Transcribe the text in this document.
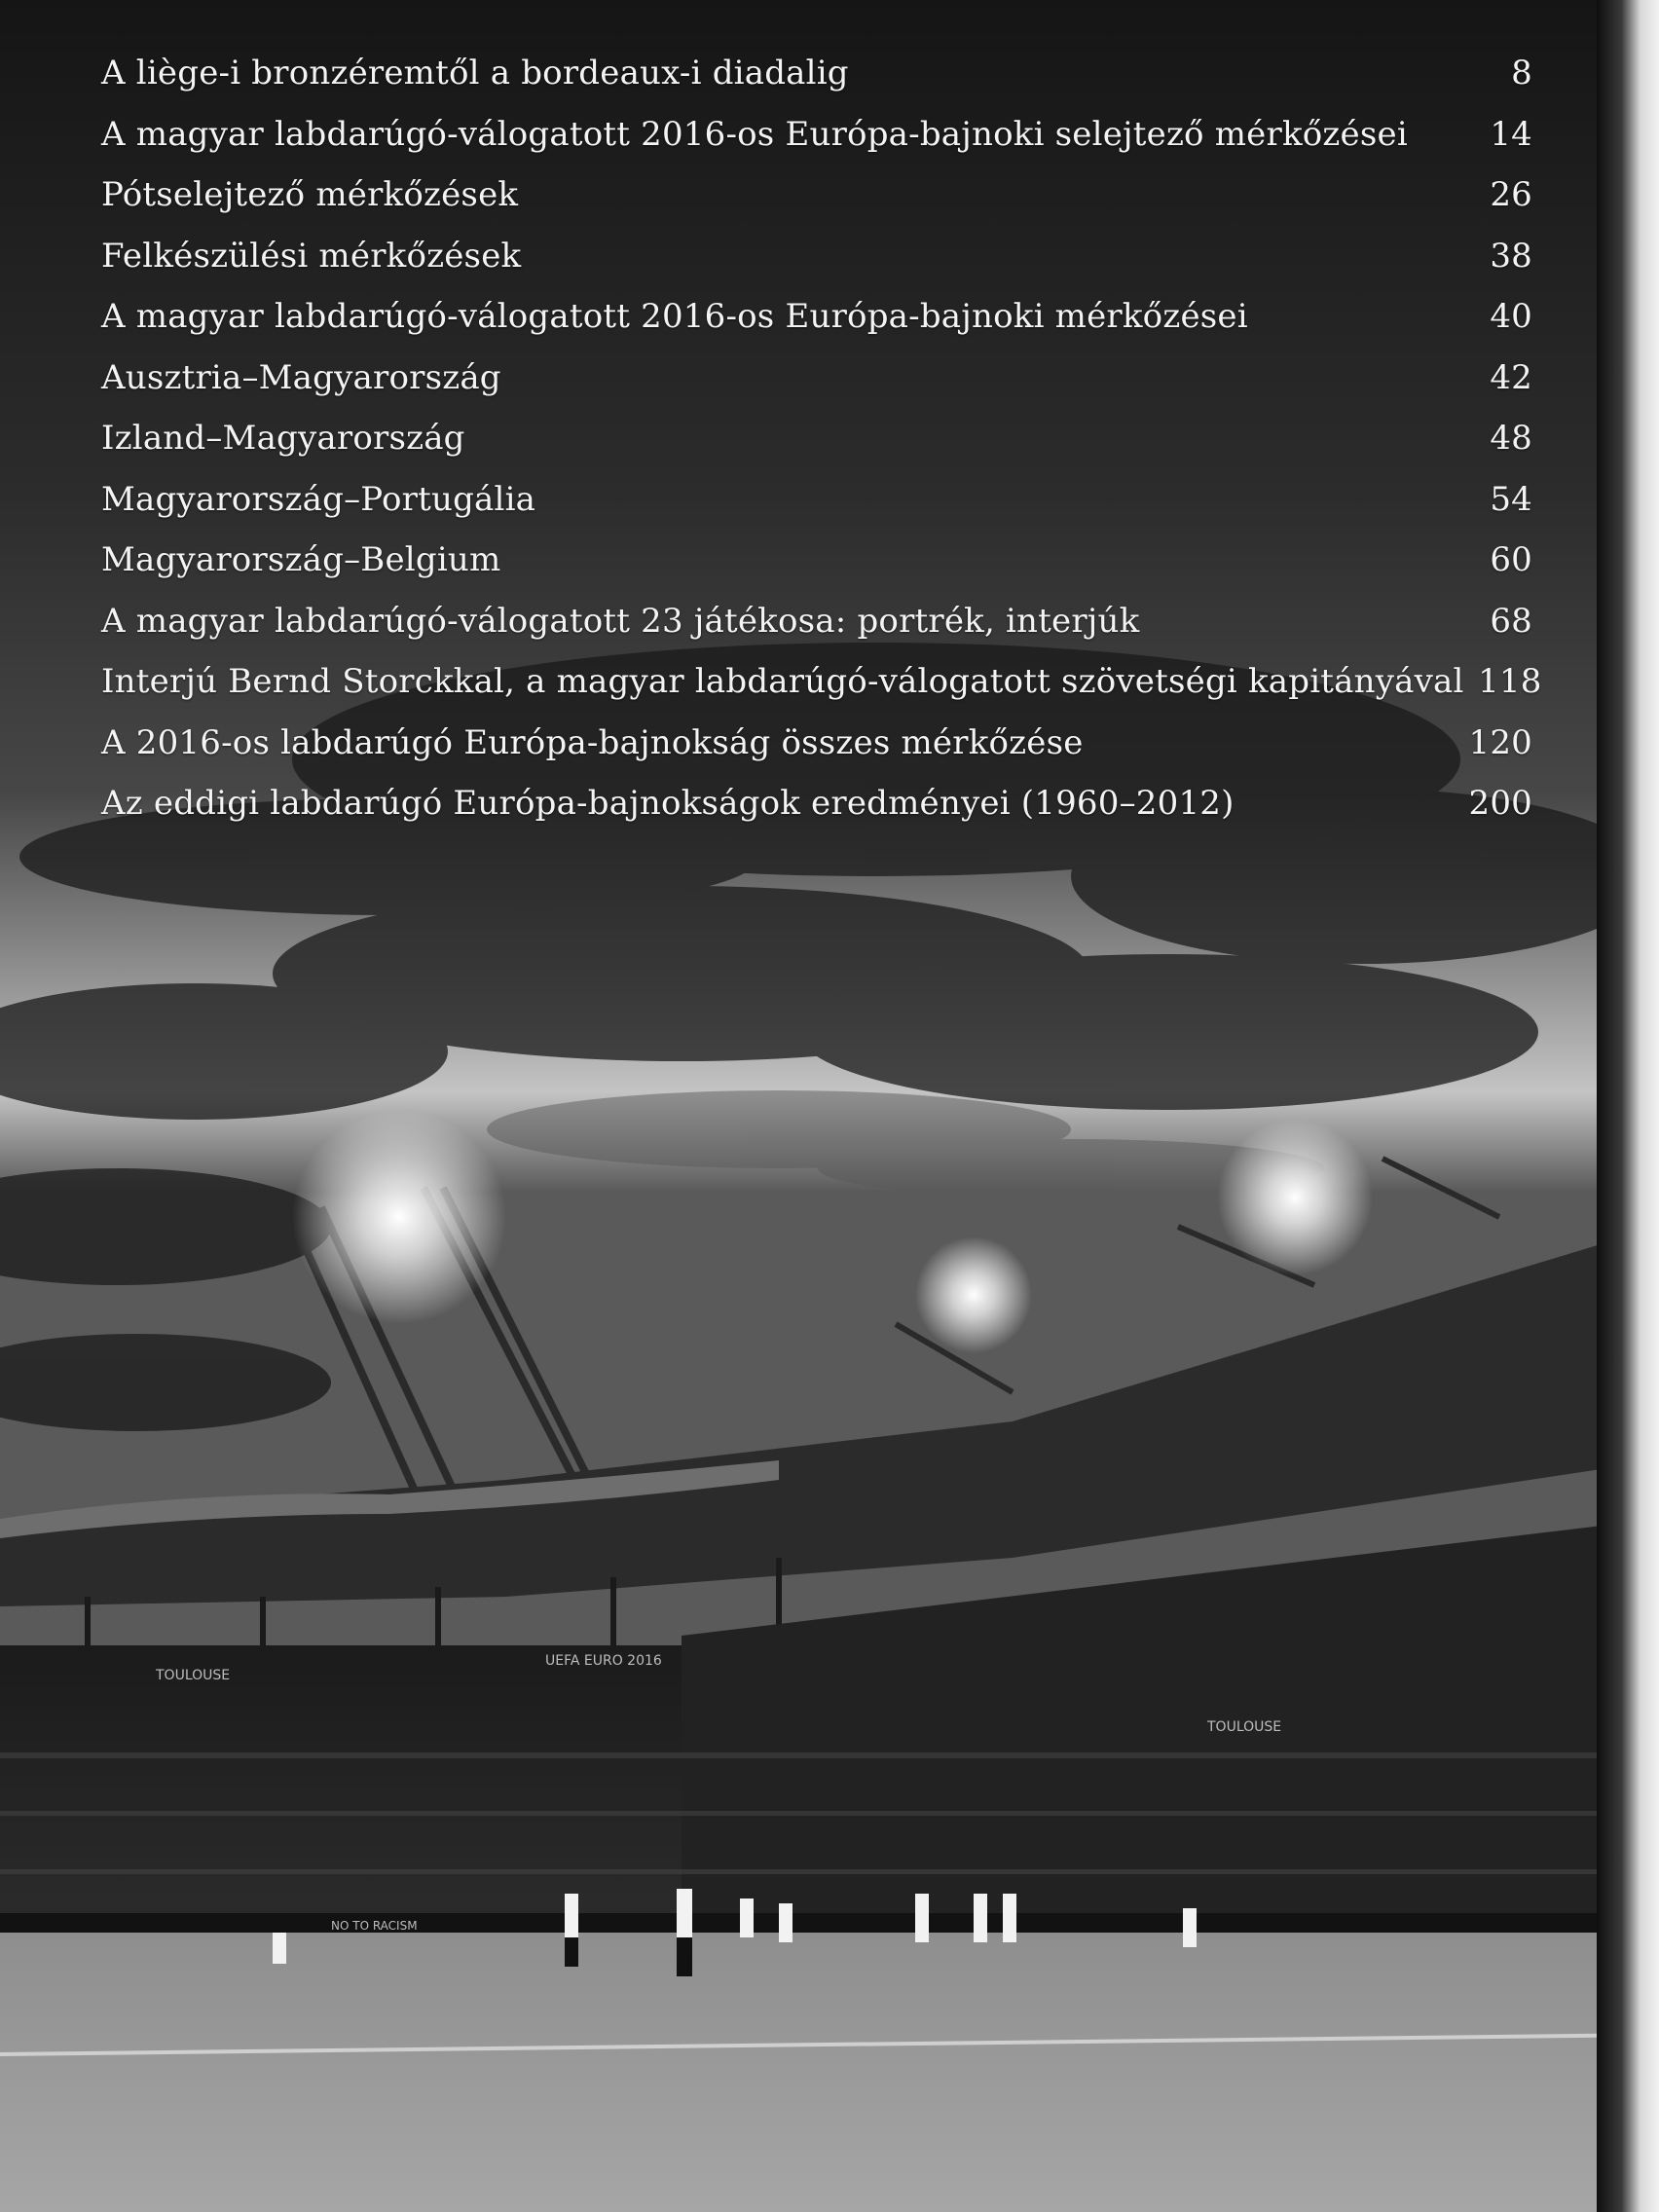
TOULOUSE
UEFA EURO 2016
TOULOUSE
NO TO RACISM
A liège-i bronzéremtől a bordeaux-i diadalig	8
A magyar labdarúgó-válogatott 2016-os Európa-bajnoki selejtező mérkőzései	14
Pótselejtező mérkőzések	26
Felkészülési mérkőzések	38
A magyar labdarúgó-válogatott 2016-os Európa-bajnoki mérkőzései	40
Ausztria–Magyarország	42
Izland–Magyarország	48
Magyarország–Portugália	54
Magyarország–Belgium	60
A magyar labdarúgó-válogatott 23 játékosa: portrék, interjúk	68
Interjú Bernd Storckkal, a magyar labdarúgó-válogatott szövetségi kapitányával 118
A 2016-os labdarúgó Európa-bajnokság összes mérkőzése	120
Az eddigi labdarúgó Európa-bajnokságok eredményei (1960–2012)	200
